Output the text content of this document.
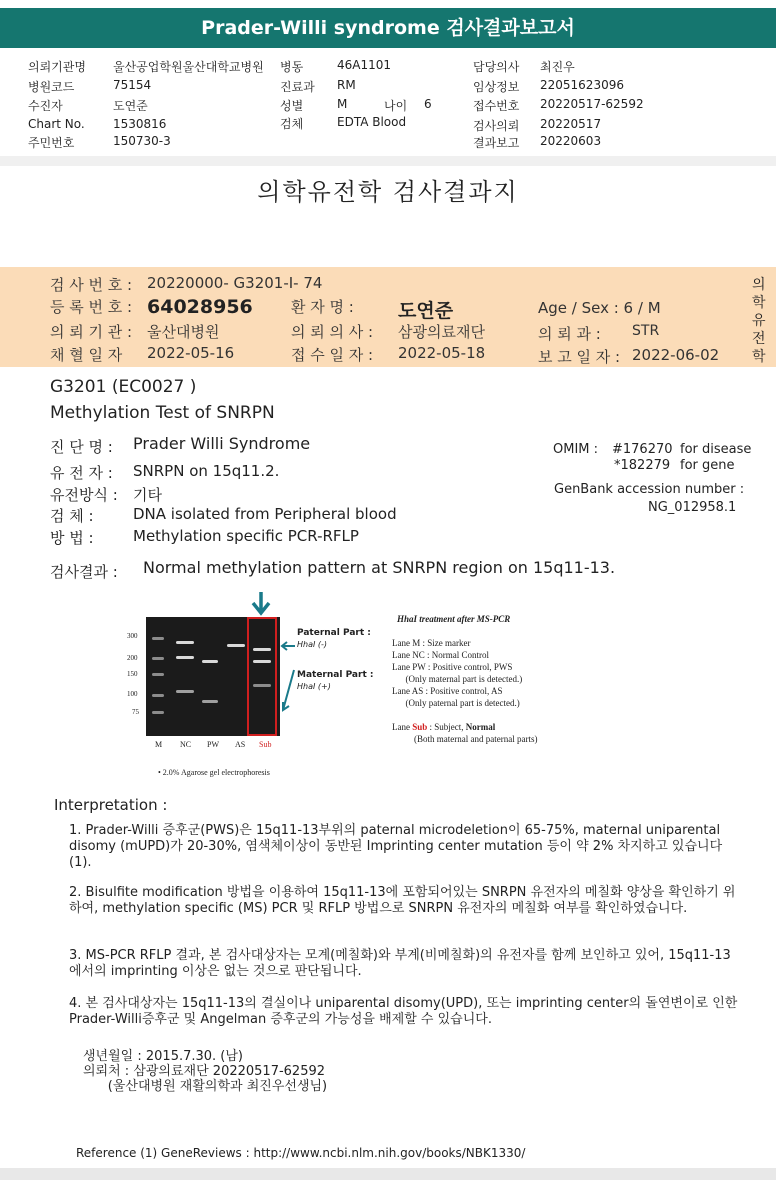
Prader-Willi syndrome 검사결과보고서
의뢰기관명 울산공업학원울산대학교병원 병동	46A1101	담당의사 최진우
병원코드	75154	진료과 RM	임상정보 22051623096
수진자	도연준	성별	M	나이 6	접수번호 20220517-62592
Chart No. 1530816	검체	EDTA Blood	검사의뢰 20220517
주민번호	150730-3	결과보고 20220603
의학유전학 검사결과지
검 사 번 호 : 20220000- G3201-I- 74
등 록 번 호 : 64028956	환 자 명 : 도연준	Age / Sex : 6 / M
의 뢰 기 관 : 울산대병원	의 뢰 의 사 : 삼광의료재단	의 뢰 과 : STR
채 혈 일 자 2022-05-16	접 수 일 자 : 2022-05-18	보 고 일 자 : 2022-06-02
의
학
유
전
학
G3201 (EC0027 )
Methylation Test of SNRPN
진 단 명 : Prader Willi Syndrome
유 전 자 : SNRPN on 15q11.2.
유전방식 : 기타
검 체 :	DNA isolated from Peripheral blood
방 법 :	Methylation specific PCR-RFLP
OMIM : #176270 for disease
*182279 for gene
GenBank accession number :
NG_012958.1
검사결과 : Normal methylation pattern at SNRPN region on 15q11-13.
300
200
150
100
75
Paternal Part :
HhaI (-)
Maternal Part :
HhaI (+)
M NC PW AS Sub
• 2.0% Agarose gel electrophoresis
HhaI treatment after MS-PCR
Lane M : Size marker
Lane NC : Normal Control
Lane PW : Positive control, PWS
(Only maternal part is detected.)
Lane AS : Positive control, AS
(Only paternal part is detected.)
Lane Sub : Subject, Normal
(Both maternal and paternal parts)
Interpretation :
1. Prader-Willi 증후군(PWS)은 15q11-13부위의 paternal microdeletion이 65-75%, maternal uniparental disomy (mUPD)가 20-30%, 염색체이상이 동반된 Imprinting center mutation 등이 약 2% 차지하고 있습니다 (1).
2. Bisulfite modification 방법을 이용하여 15q11-13에 포함되어있는 SNRPN 유전자의 메칠화 양상을 확인하기 위하여, methylation specific (MS) PCR 및 RFLP 방법으로 SNRPN 유전자의 메칠화 여부를 확인하였습니다.
3. MS-PCR RFLP 결과, 본 검사대상자는 모계(메칠화)와 부계(비메칠화)의 유전자를 함께 보인하고 있어, 15q11-13에서의 imprinting 이상은 없는 것으로 판단됩니다.
4. 본 검사대상자는 15q11-13의 결실이나 uniparental disomy(UPD), 또는 imprinting center의 돌연변이로 인한 Prader-Willi증후군 및 Angelman 증후군의 가능성을 배제할 수 있습니다.
생년월일 : 2015.7.30. (남)
의뢰처 : 삼광의료재단 20220517-62592
(울산대병원 재활의학과 최진우선생님)
Reference (1) GeneReviews : http://www.ncbi.nlm.nih.gov/books/NBK1330/
